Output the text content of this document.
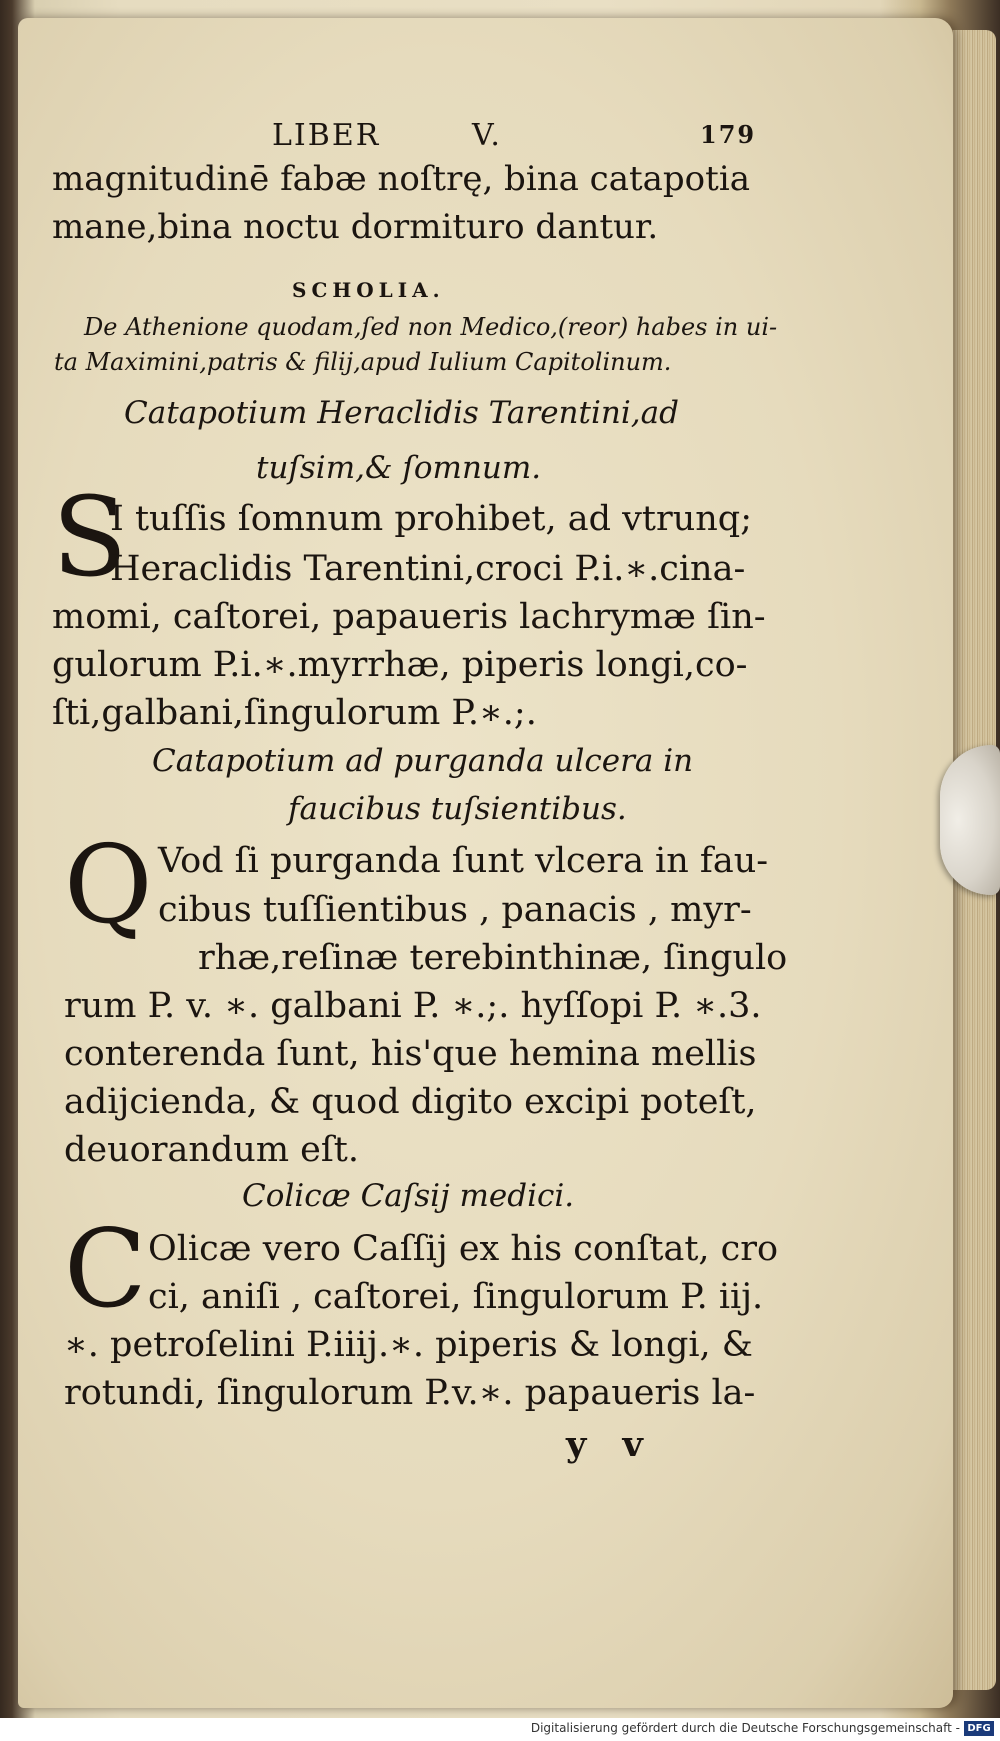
LIBER	V.	179
magnitudinē fabæ noſtrę, bina catapotia
mane,bina noctu dormituro dantur.
SCHOLIA.
De Athenione quodam,ſed non Medico,(reor) habes in ui-
ta Maximini,patris & filij,apud Iulium Capitolinum.
Catapotium Heraclidis Tarentini,ad
tuſsim,& ſomnum.
S
I tuſſis ſomnum prohibet, ad vtrunq;
Heraclidis Tarentini,croci P.i.∗.cina-
momi, caſtorei, papaueris lachrymæ ſin-
gulorum P.i.∗.myrrhæ, piperis longi,co-
ſti,galbani,ſingulorum P.∗.;.
Catapotium ad purganda ulcera in
faucibus tuſsientibus.
Q Vod ſi purganda ſunt vlcera in fau-
cibus tuſſientibus , panacis , myr-
rhæ,reſinæ terebinthinæ, ſingulo
rum P. v. ∗. galbani P. ∗.;. hyſſopi P. ∗.3.
conterenda ſunt, his'que hemina mellis
adijcienda, & quod digito excipi poteſt,
deuorandum eſt.
Colicæ Caſsij medici.
C Olicæ vero Caſſij ex his conſtat, cro
ci, aniſi , caſtorei, ſingulorum P. iij.
∗. petroſelini P.iiij.∗. piperis & longi, &
rotundi, ſingulorum P.v.∗. papaueris la-
y v
Digitalisierung gefördert durch die Deutsche Forschungsgemeinschaft - DFG
